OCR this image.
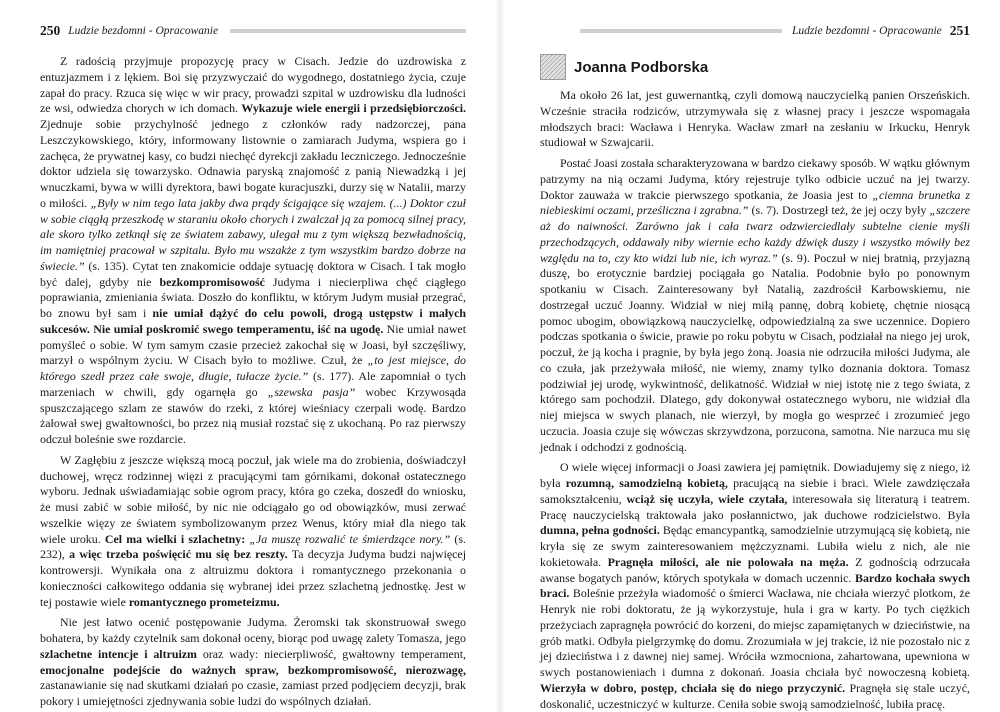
250 Ludzie bezdomni - Opracowanie

Z radością przyjmuje propozycję pracy w Cisach. Jedzie do uzdrowiska z entuzjazmem i z lękiem. Boi się przyzwyczaić do wygodnego, dostatniego życia, czuje zapał do pracy. Rzuca się więc w wir pracy, prowadzi szpital w uzdrowisku dla ludności ze wsi, odwiedza chorych w ich domach. Wykazuje wiele energii i przedsiębiorczości. Zjednuje sobie przychylność jednego z członków rady nadzorczej, pana Leszczykowskiego, który, informowany listownie o zamiarach Judyma, wspiera go i zachęca, że prywatnej kasy, co budzi niechęć dyrekcji zakładu leczniczego. Jednocześnie doktor udziela się towarzysko. Odnawia paryską znajomość z panią Niewadzką i jej wnuczkami, bywa w willi dyrektora, bawi bogate kuracjuszki, durzy się w Natalii, marzy o miłości. „Były w nim tego lata jakby dwa prądy ścigające się wzajem. (...) Doktor czuł w sobie ciągłą przeszkodę w staraniu około chorych i zwalczał ją za pomocą silnej pracy, ale skoro tylko zetknął się ze światem zabawy, ulegał mu z tym większą bezwładnością, im namiętniej pracował w szpitalu. Było mu wszakże z tym wszystkim bardzo dobrze na świecie.” (s. 135). Cytat ten znakomicie oddaje sytuację doktora w Cisach. I tak mogło być dalej, gdyby nie bezkompromisowość Judyma i niecierpliwa chęć ciągłego poprawiania, zmieniania świata. Doszło do konfliktu, w którym Judym musiał przegrać, bo znowu był sam i nie umiał dążyć do celu powoli, drogą ustępstw i małych sukcesów. Nie umiał poskromić swego temperamentu, iść na ugodę. Nie umiał nawet pomyśleć o sobie. W tym samym czasie przecież zakochał się w Joasi, był szczęśliwy, marzył o wspólnym życiu. W Cisach było to możliwe. Czuł, że „to jest miejsce, do którego szedł przez całe swoje, długie, tułacze życie.” (s. 177). Ale zapomniał o tych marzeniach w chwili, gdy ogarnęła go „szewska pasja” wobec Krzywosąda spuszczającego szlam ze stawów do rzeki, z której wieśniacy czerpali wodę. Bardzo żałował swej gwałtowności, bo przez nią musiał rozstać się z ukochaną. Po raz pierwszy odczuł boleśnie swe rozdarcie.

W Zagłębiu z jeszcze większą mocą poczuł, jak wiele ma do zrobienia, doświadczył duchowej, wręcz rodzinnej więzi z pracującymi tam górnikami, dokonał ostatecznego wyboru. Jednak uświadamiając sobie ogrom pracy, która go czeka, doszedł do wniosku, że musi zabić w sobie miłość, by nic nie odciągało go od obowiązków, musi zerwać wszelkie więzy ze światem symbolizowanym przez Wenus, który miał dla niego tak wiele uroku. Cel ma wielki i szlachetny: „Ja muszę rozwalić te śmierdzące nory.” (s. 232), a więc trzeba poświęcić mu się bez reszty. Ta decyzja Judyma budzi najwięcej kontrowersji. Wynikała ona z altruizmu doktora i romantycznego przekonania o konieczności całkowitego oddania się wybranej idei przez szlachetną jednostkę. Jest w tej postawie wiele romantycznego prometeizmu.

Nie jest łatwo ocenić postępowanie Judyma. Żeromski tak skonstruował swego bohatera, by każdy czytelnik sam dokonał oceny, biorąc pod uwagę zalety Tomasza, jego szlachetne intencje i altruizm oraz wady: niecierpliwość, gwałtowny temperament, emocjonalne podejście do ważnych spraw, bezkompromisowość, nierozwagę, zastanawianie się nad skutkami działań po czasie, zamiast przed podjęciem decyzji, brak pokory i umiejętności zjednywania sobie ludzi do wspólnych działań.

Ludzie bezdomni - Opracowanie 251
Joanna Podborska

Ma około 26 lat, jest guwernantką, czyli domową nauczycielką panien Orszeńskich. Wcześnie straciła rodziców, utrzymywała się z własnej pracy i jeszcze wspomagała młodszych braci: Wacława i Henryka. Wacław zmarł na zesłaniu w Irkucku, Henryk studiował w Szwajcarii.

Postać Joasi została scharakteryzowana w bardzo ciekawy sposób. W wątku głównym patrzymy na nią oczami Judyma, który rejestruje tylko odbicie uczuć na jej twarzy. Doktor zauważa w trakcie pierwszego spotkania, że Joasia jest to „ciemna brunetka z niebieskimi oczami, prześliczna i zgrabna.” (s. 7). Dostrzegł też, że jej oczy były „szczere aż do naiwności. Zarówno jak i cała twarz odzwierciedlały subtelne cienie myśli przechodzących, oddawały niby wiernie echo każdy dźwięk duszy i wszystko mówiły bez względu na to, czy kto widzi lub nie, ich wyraz.” (s. 9). Poczuł w niej bratnią, przyjazną duszę, bo erotycznie bardziej pociągała go Natalia. Podobnie było po ponownym spotkaniu w Cisach. Zainteresowany był Natalią, zazdrościł Karbowskiemu, nie dostrzegał uczuć Joanny. Widział w niej miłą pannę, dobrą kobietę, chętnie niosącą pomoc ubogim, obowiązkową nauczycielkę, odpowiedzialną za swe uczennice. Dopiero podczas spotkania o świcie, prawie po roku pobytu w Cisach, podziałał na niego jej urok, poczuł, że ją kocha i pragnie, by była jego żoną. Joasia nie odrzuciła miłości Judyma, ale co czuła, jak przeżywała miłość, nie wiemy, znamy tylko doznania doktora. Tomasz podziwiał jej urodę, wykwintność, delikatność. Widział w niej istotę nie z tego świata, z którego sam pochodził. Dlatego, gdy dokonywał ostatecznego wyboru, nie widział dla niej miejsca w swych planach, nie wierzył, by mogła go wesprzeć i zrozumieć jego uczucia. Joasia czuje się wówczas skrzywdzona, porzucona, samotna. Nie narzuca mu się jednak i odchodzi z godnością.

O wiele więcej informacji o Joasi zawiera jej pamiętnik. Dowiadujemy się z niego, iż była rozumną, samodzielną kobietą, pracującą na siebie i braci. Wiele zawdzięczała samokształceniu, wciąż się uczyła, wiele czytała, interesowała się literaturą i teatrem. Pracę nauczycielską traktowała jako posłannictwo, jak duchowe rodzicielstwo. Była dumna, pełna godności. Będąc emancypantką, samodzielnie utrzymującą się kobietą, nie kryła się ze swym zainteresowaniem mężczyznami. Lubiła wielu z nich, ale nie kokietowała. Pragnęła miłości, ale nie polowała na męża. Z godnością odrzucała awanse bogatych panów, których spotykała w domach uczennic. Bardzo kochała swych braci. Boleśnie przeżyła wiadomość o śmierci Wacława, nie chciała wierzyć plotkom, że Henryk nie robi doktoratu, że ją wykorzystuje, hula i gra w karty. Po tych ciężkich przeżyciach zapragnęła powrócić do korzeni, do miejsc zapamiętanych w dzieciństwie, na grób matki. Odbyła pielgrzymkę do domu. Zrozumiała w jej trakcie, iż nie pozostało nic z jej dzieciństwa i z dawnej niej samej. Wróciła wzmocniona, zahartowana, upewniona w swych postanowieniach i dumna z dokonań. Joasia chciała być nowoczesną kobietą. Wierzyła w dobro, postęp, chciała się do niego przyczynić. Pragnęła się stale uczyć, doskonalić, uczestniczyć w kulturze. Ceniła sobie swoją samodzielność, lubiła pracę.
